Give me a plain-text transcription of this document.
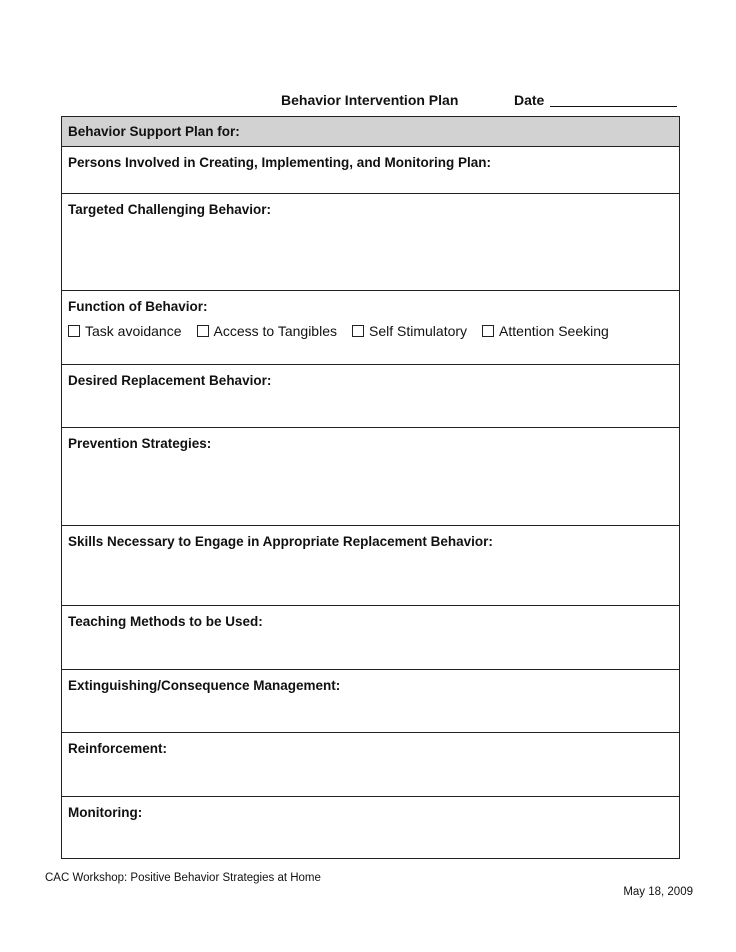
Behavior Intervention Plan	Date
Behavior Support Plan for:
Persons Involved in Creating, Implementing, and Monitoring Plan:
Targeted Challenging Behavior:
Function of Behavior:
Task avoidance Access to Tangibles Self Stimulatory Attention Seeking
Desired Replacement Behavior:
Prevention Strategies:
Skills Necessary to Engage in Appropriate Replacement Behavior:
Teaching Methods to be Used:
Extinguishing/Consequence Management:
Reinforcement:
Monitoring:
CAC Workshop: Positive Behavior Strategies at Home
May 18, 2009
